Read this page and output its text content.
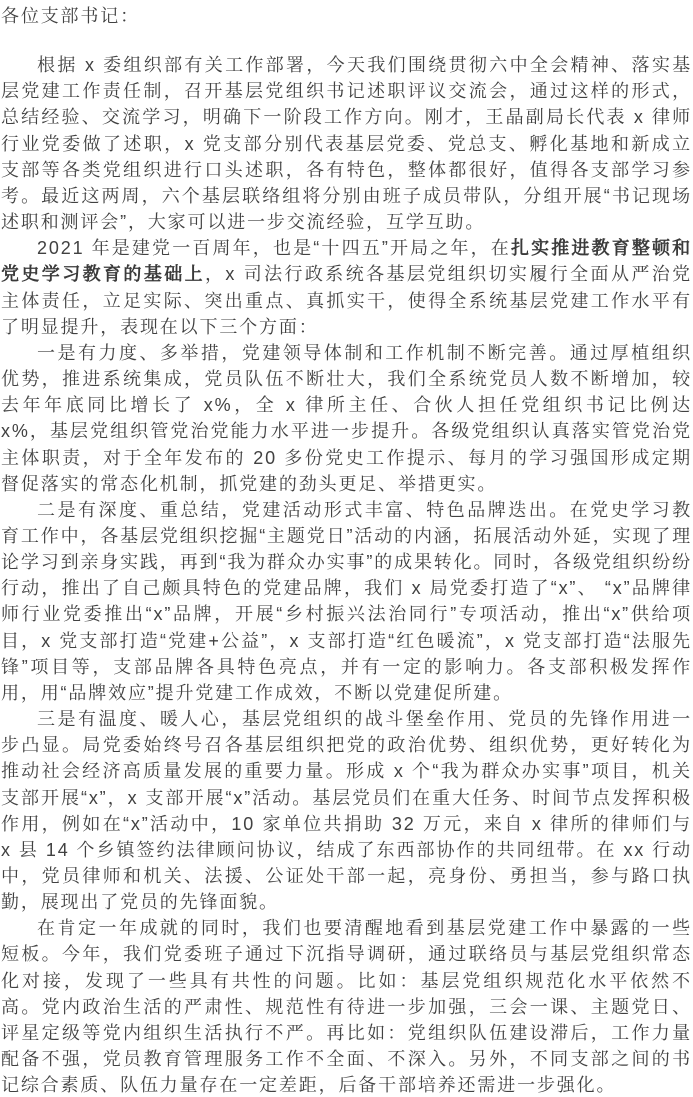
各位支部书记：

根据 x 委组织部有关工作部署，今天我们围绕贯彻六中全会精神、落实基层党建工作责任制，召开基层党组织书记述职评议交流会，通过这样的形式，总结经验、交流学习，明确下一阶段工作方向。刚才，王晶副局长代表 x 律师行业党委做了述职，x 党支部分别代表基层党委、党总支、孵化基地和新成立支部等各类党组织进行口头述职，各有特色，整体都很好，值得各支部学习参考。最近这两周，六个基层联络组将分别由班子成员带队，分组开展“书记现场述职和测评会”，大家可以进一步交流经验，互学互助。

2021 年是建党一百周年，也是“十四五”开局之年，在扎实推进教育整顿和党史学习教育的基础上，x 司法行政系统各基层党组织切实履行全面从严治党主体责任，立足实际、突出重点、真抓实干，使得全系统基层党建工作水平有了明显提升，表现在以下三个方面：

一是有力度、多举措，党建领导体制和工作机制不断完善。通过厚植组织优势，推进系统集成，党员队伍不断壮大，我们全系统党员人数不断增加，较去年年底同比增长了 x%，全 x 律所主任、合伙人担任党组织书记比例达 x%，基层党组织管党治党能力水平进一步提升。各级党组织认真落实管党治党主体职责，对于全年发布的 20 多份党史工作提示、每月的学习强国形成定期督促落实的常态化机制，抓党建的劲头更足、举措更实。

二是有深度、重总结，党建活动形式丰富、特色品牌迭出。在党史学习教育工作中，各基层党组织挖掘“主题党日”活动的内涵，拓展活动外延，实现了理论学习到亲身实践，再到“我为群众办实事”的成果转化。同时，各级党组织纷纷行动，推出了自己颇具特色的党建品牌，我们 x 局党委打造了“x”、 “x”品牌律师行业党委推出“x”品牌，开展“乡村振兴法治同行”专项活动，推出“x”供给项目，x 党支部打造“党建+公益”，x 支部打造“红色暖流”，x 党支部打造“法服先锋”项目等，支部品牌各具特色亮点，并有一定的影响力。各支部积极发挥作用，用“品牌效应”提升党建工作成效，不断以党建促所建。

三是有温度、暖人心，基层党组织的战斗堡垒作用、党员的先锋作用进一步凸显。局党委始终号召各基层组织把党的政治优势、组织优势，更好转化为推动社会经济高质量发展的重要力量。形成 x 个“我为群众办实事”项目，机关支部开展“x”，x 支部开展“x”活动。基层党员们在重大任务、时间节点发挥积极作用，例如在“x”活动中，10 家单位共捐助 32 万元，来自 x 律所的律师们与 x 县 14 个乡镇签约法律顾问协议，结成了东西部协作的共同纽带。在 xx 行动中，党员律师和机关、法援、公证处干部一起，亮身份、勇担当，参与路口执勤，展现出了党员的先锋面貌。

在肯定一年成就的同时，我们也要清醒地看到基层党建工作中暴露的一些短板。今年，我们党委班子通过下沉指导调研，通过联络员与基层党组织常态化对接，发现了一些具有共性的问题。比如：基层党组织规范化水平依然不高。党内政治生活的严肃性、规范性有待进一步加强，三会一课、主题党日、评星定级等党内组织生活执行不严。再比如：党组织队伍建设滞后，工作力量配备不强，党员教育管理服务工作不全面、不深入。另外，不同支部之间的书记综合素质、队伍力量存在一定差距，后备干部培养还需进一步强化。
